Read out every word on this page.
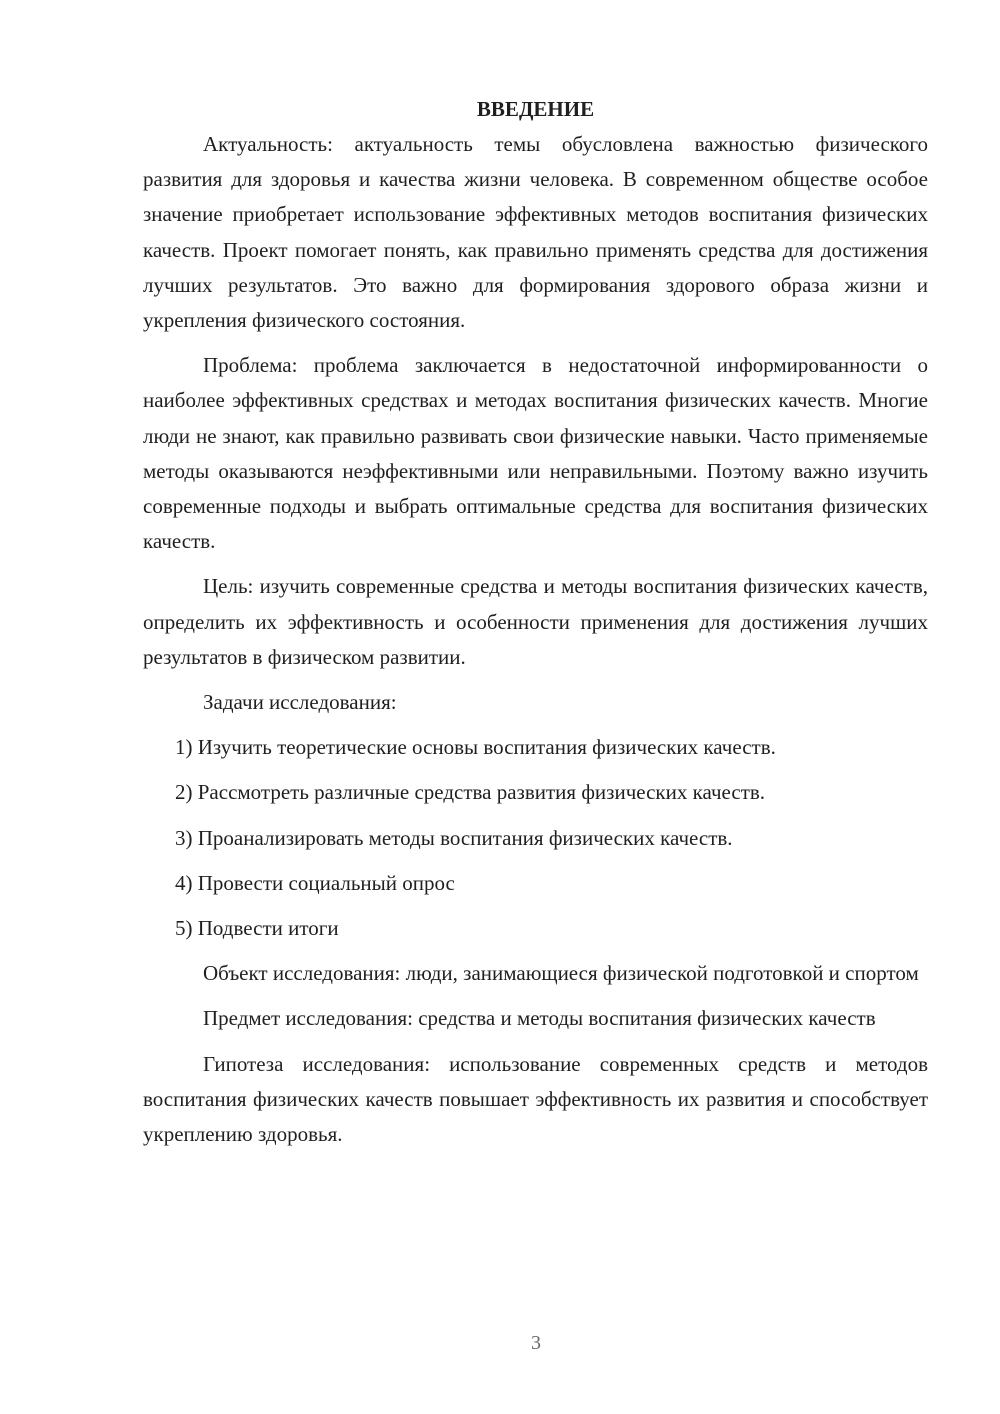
ВВЕДЕНИЕ

Актуальность: актуальность темы обусловлена важностью физического развития для здоровья и качества жизни человека. В современном обществе особое значение приобретает использование эффективных методов воспитания физических качеств. Проект помогает понять, как правильно применять средства для достижения лучших результатов. Это важно для формирования здорового образа жизни и укрепления физического состояния.

Проблема: проблема заключается в недостаточной информированности о наиболее эффективных средствах и методах воспитания физических качеств. Многие люди не знают, как правильно развивать свои физические навыки. Часто применяемые методы оказываются неэффективными или неправильными. Поэтому важно изучить современные подходы и выбрать оптимальные средства для воспитания физических качеств.

Цель: изучить современные средства и методы воспитания физических качеств, определить их эффективность и особенности применения для достижения лучших результатов в физическом развитии.

Задачи исследования:

1) Изучить теоретические основы воспитания физических качеств.

2) Рассмотреть различные средства развития физических качеств.

3) Проанализировать методы воспитания физических качеств.

4) Провести социальный опрос

5) Подвести итоги

Объект исследования: люди, занимающиеся физической подготовкой и спортом

Предмет исследования: средства и методы воспитания физических качеств

Гипотеза исследования: использование современных средств и методов воспитания физических качеств повышает эффективность их развития и способствует укреплению здоровья.

3
